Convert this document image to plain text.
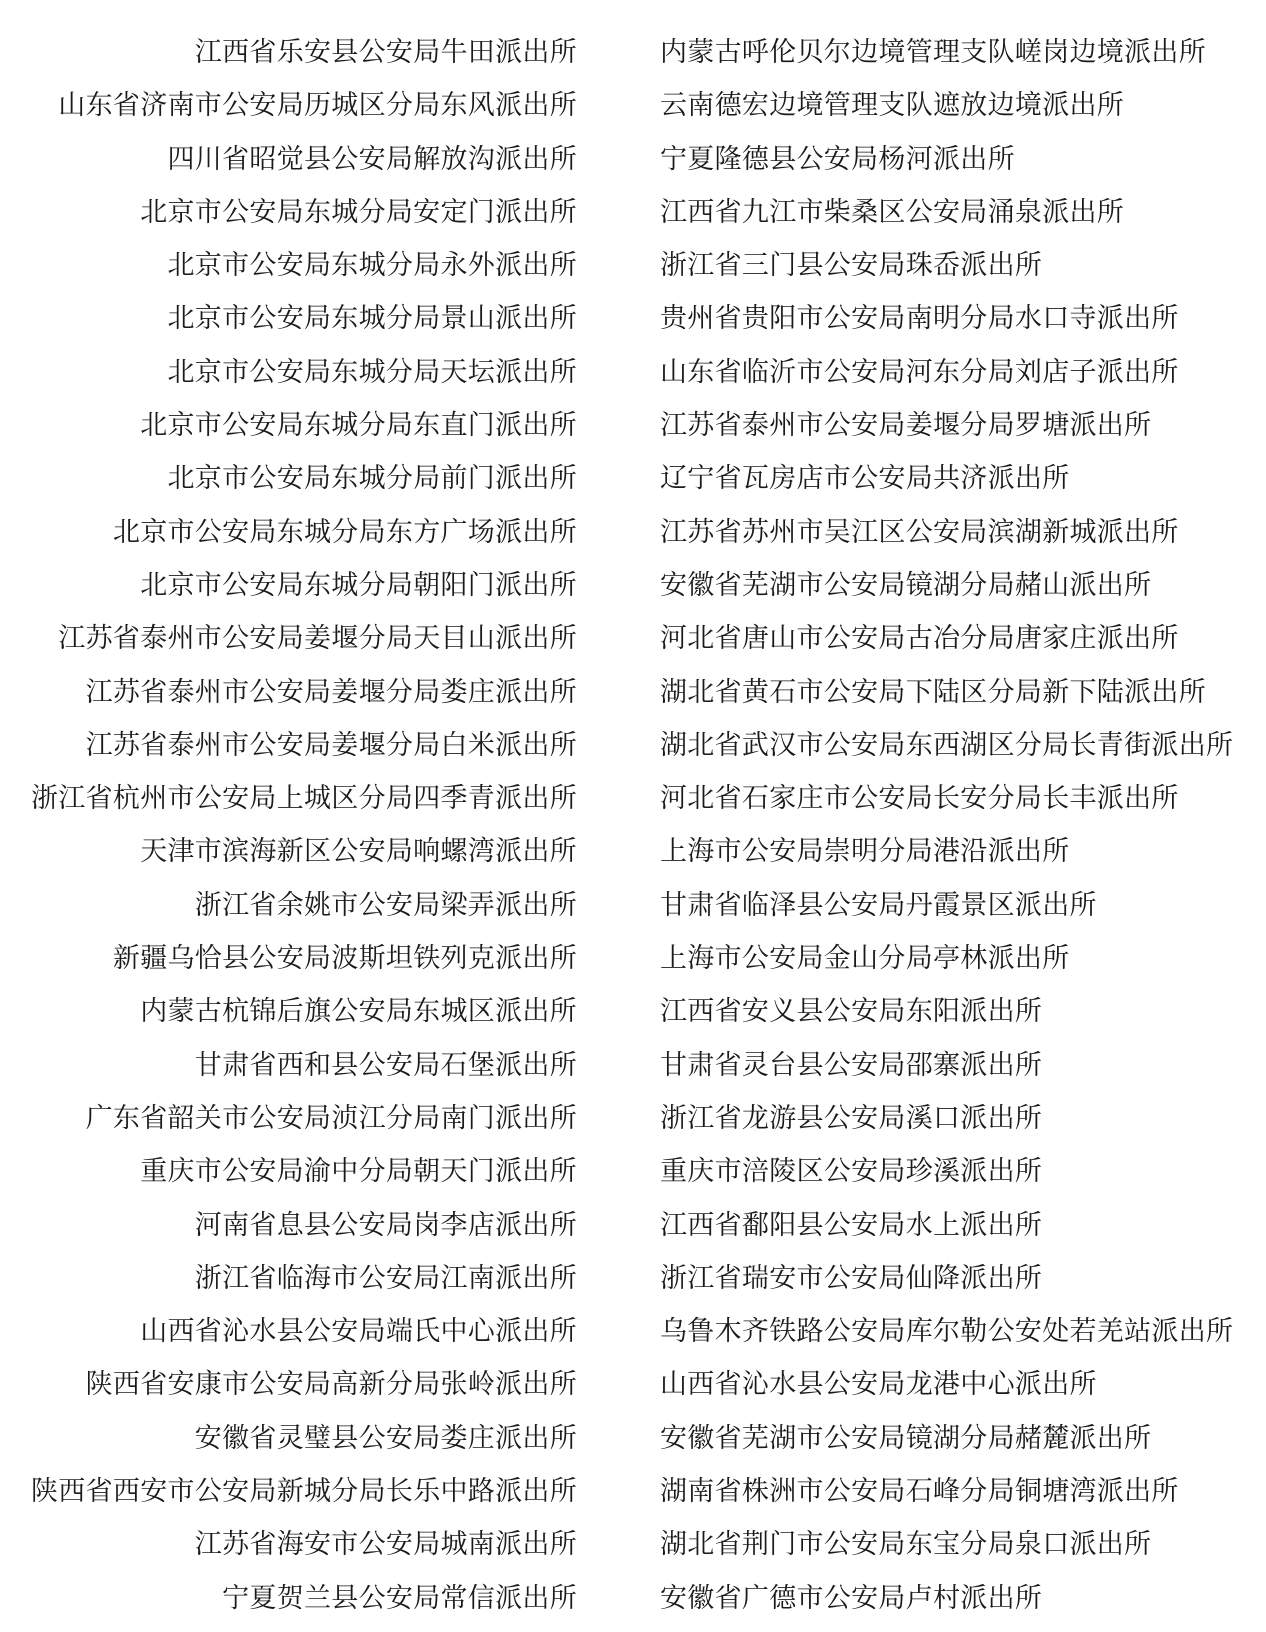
江西省乐安县公安局牛田派出所
山东省济南市公安局历城区分局东风派出所
四川省昭觉县公安局解放沟派出所
北京市公安局东城分局安定门派出所
北京市公安局东城分局永外派出所
北京市公安局东城分局景山派出所
北京市公安局东城分局天坛派出所
北京市公安局东城分局东直门派出所
北京市公安局东城分局前门派出所
北京市公安局东城分局东方广场派出所
北京市公安局东城分局朝阳门派出所
江苏省泰州市公安局姜堰分局天目山派出所
江苏省泰州市公安局姜堰分局娄庄派出所
江苏省泰州市公安局姜堰分局白米派出所
浙江省杭州市公安局上城区分局四季青派出所
天津市滨海新区公安局响螺湾派出所
浙江省余姚市公安局梁弄派出所
新疆乌恰县公安局波斯坦铁列克派出所
内蒙古杭锦后旗公安局东城区派出所
甘肃省西和县公安局石堡派出所
广东省韶关市公安局浈江分局南门派出所
重庆市公安局渝中分局朝天门派出所
河南省息县公安局岗李店派出所
浙江省临海市公安局江南派出所
山西省沁水县公安局端氏中心派出所
陕西省安康市公安局高新分局张岭派出所
安徽省灵璧县公安局娄庄派出所
陕西省西安市公安局新城分局长乐中路派出所
江苏省海安市公安局城南派出所
宁夏贺兰县公安局常信派出所
内蒙古呼伦贝尔边境管理支队嵯岗边境派出所
云南德宏边境管理支队遮放边境派出所
宁夏隆德县公安局杨河派出所
江西省九江市柴桑区公安局涌泉派出所
浙江省三门县公安局珠岙派出所
贵州省贵阳市公安局南明分局水口寺派出所
山东省临沂市公安局河东分局刘店子派出所
江苏省泰州市公安局姜堰分局罗塘派出所
辽宁省瓦房店市公安局共济派出所
江苏省苏州市吴江区公安局滨湖新城派出所
安徽省芜湖市公安局镜湖分局赭山派出所
河北省唐山市公安局古冶分局唐家庄派出所
湖北省黄石市公安局下陆区分局新下陆派出所
湖北省武汉市公安局东西湖区分局长青街派出所
河北省石家庄市公安局长安分局长丰派出所
上海市公安局崇明分局港沿派出所
甘肃省临泽县公安局丹霞景区派出所
上海市公安局金山分局亭林派出所
江西省安义县公安局东阳派出所
甘肃省灵台县公安局邵寨派出所
浙江省龙游县公安局溪口派出所
重庆市涪陵区公安局珍溪派出所
江西省鄱阳县公安局水上派出所
浙江省瑞安市公安局仙降派出所
乌鲁木齐铁路公安局库尔勒公安处若羌站派出所
山西省沁水县公安局龙港中心派出所
安徽省芜湖市公安局镜湖分局赭麓派出所
湖南省株洲市公安局石峰分局铜塘湾派出所
湖北省荆门市公安局东宝分局泉口派出所
安徽省广德市公安局卢村派出所
